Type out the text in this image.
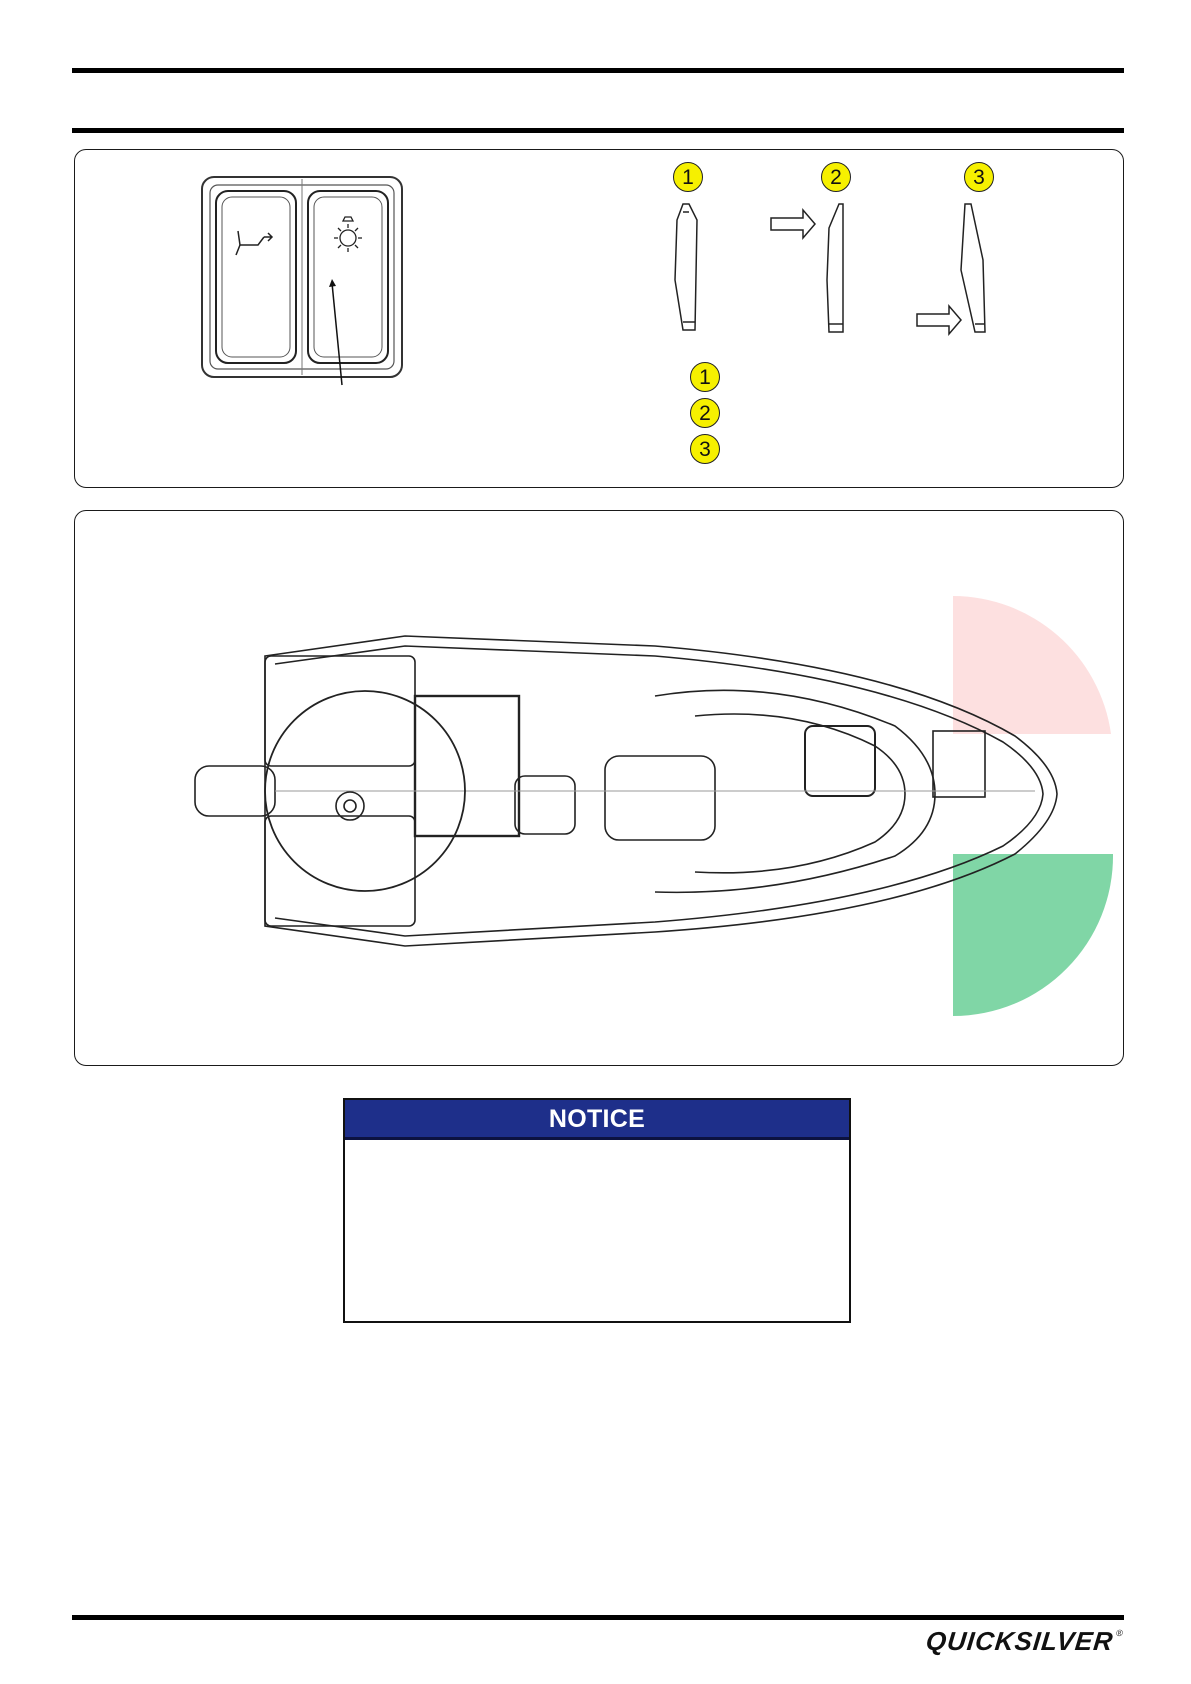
1	2	3
1
2
3
NOTICE
QUICKSILVER®
